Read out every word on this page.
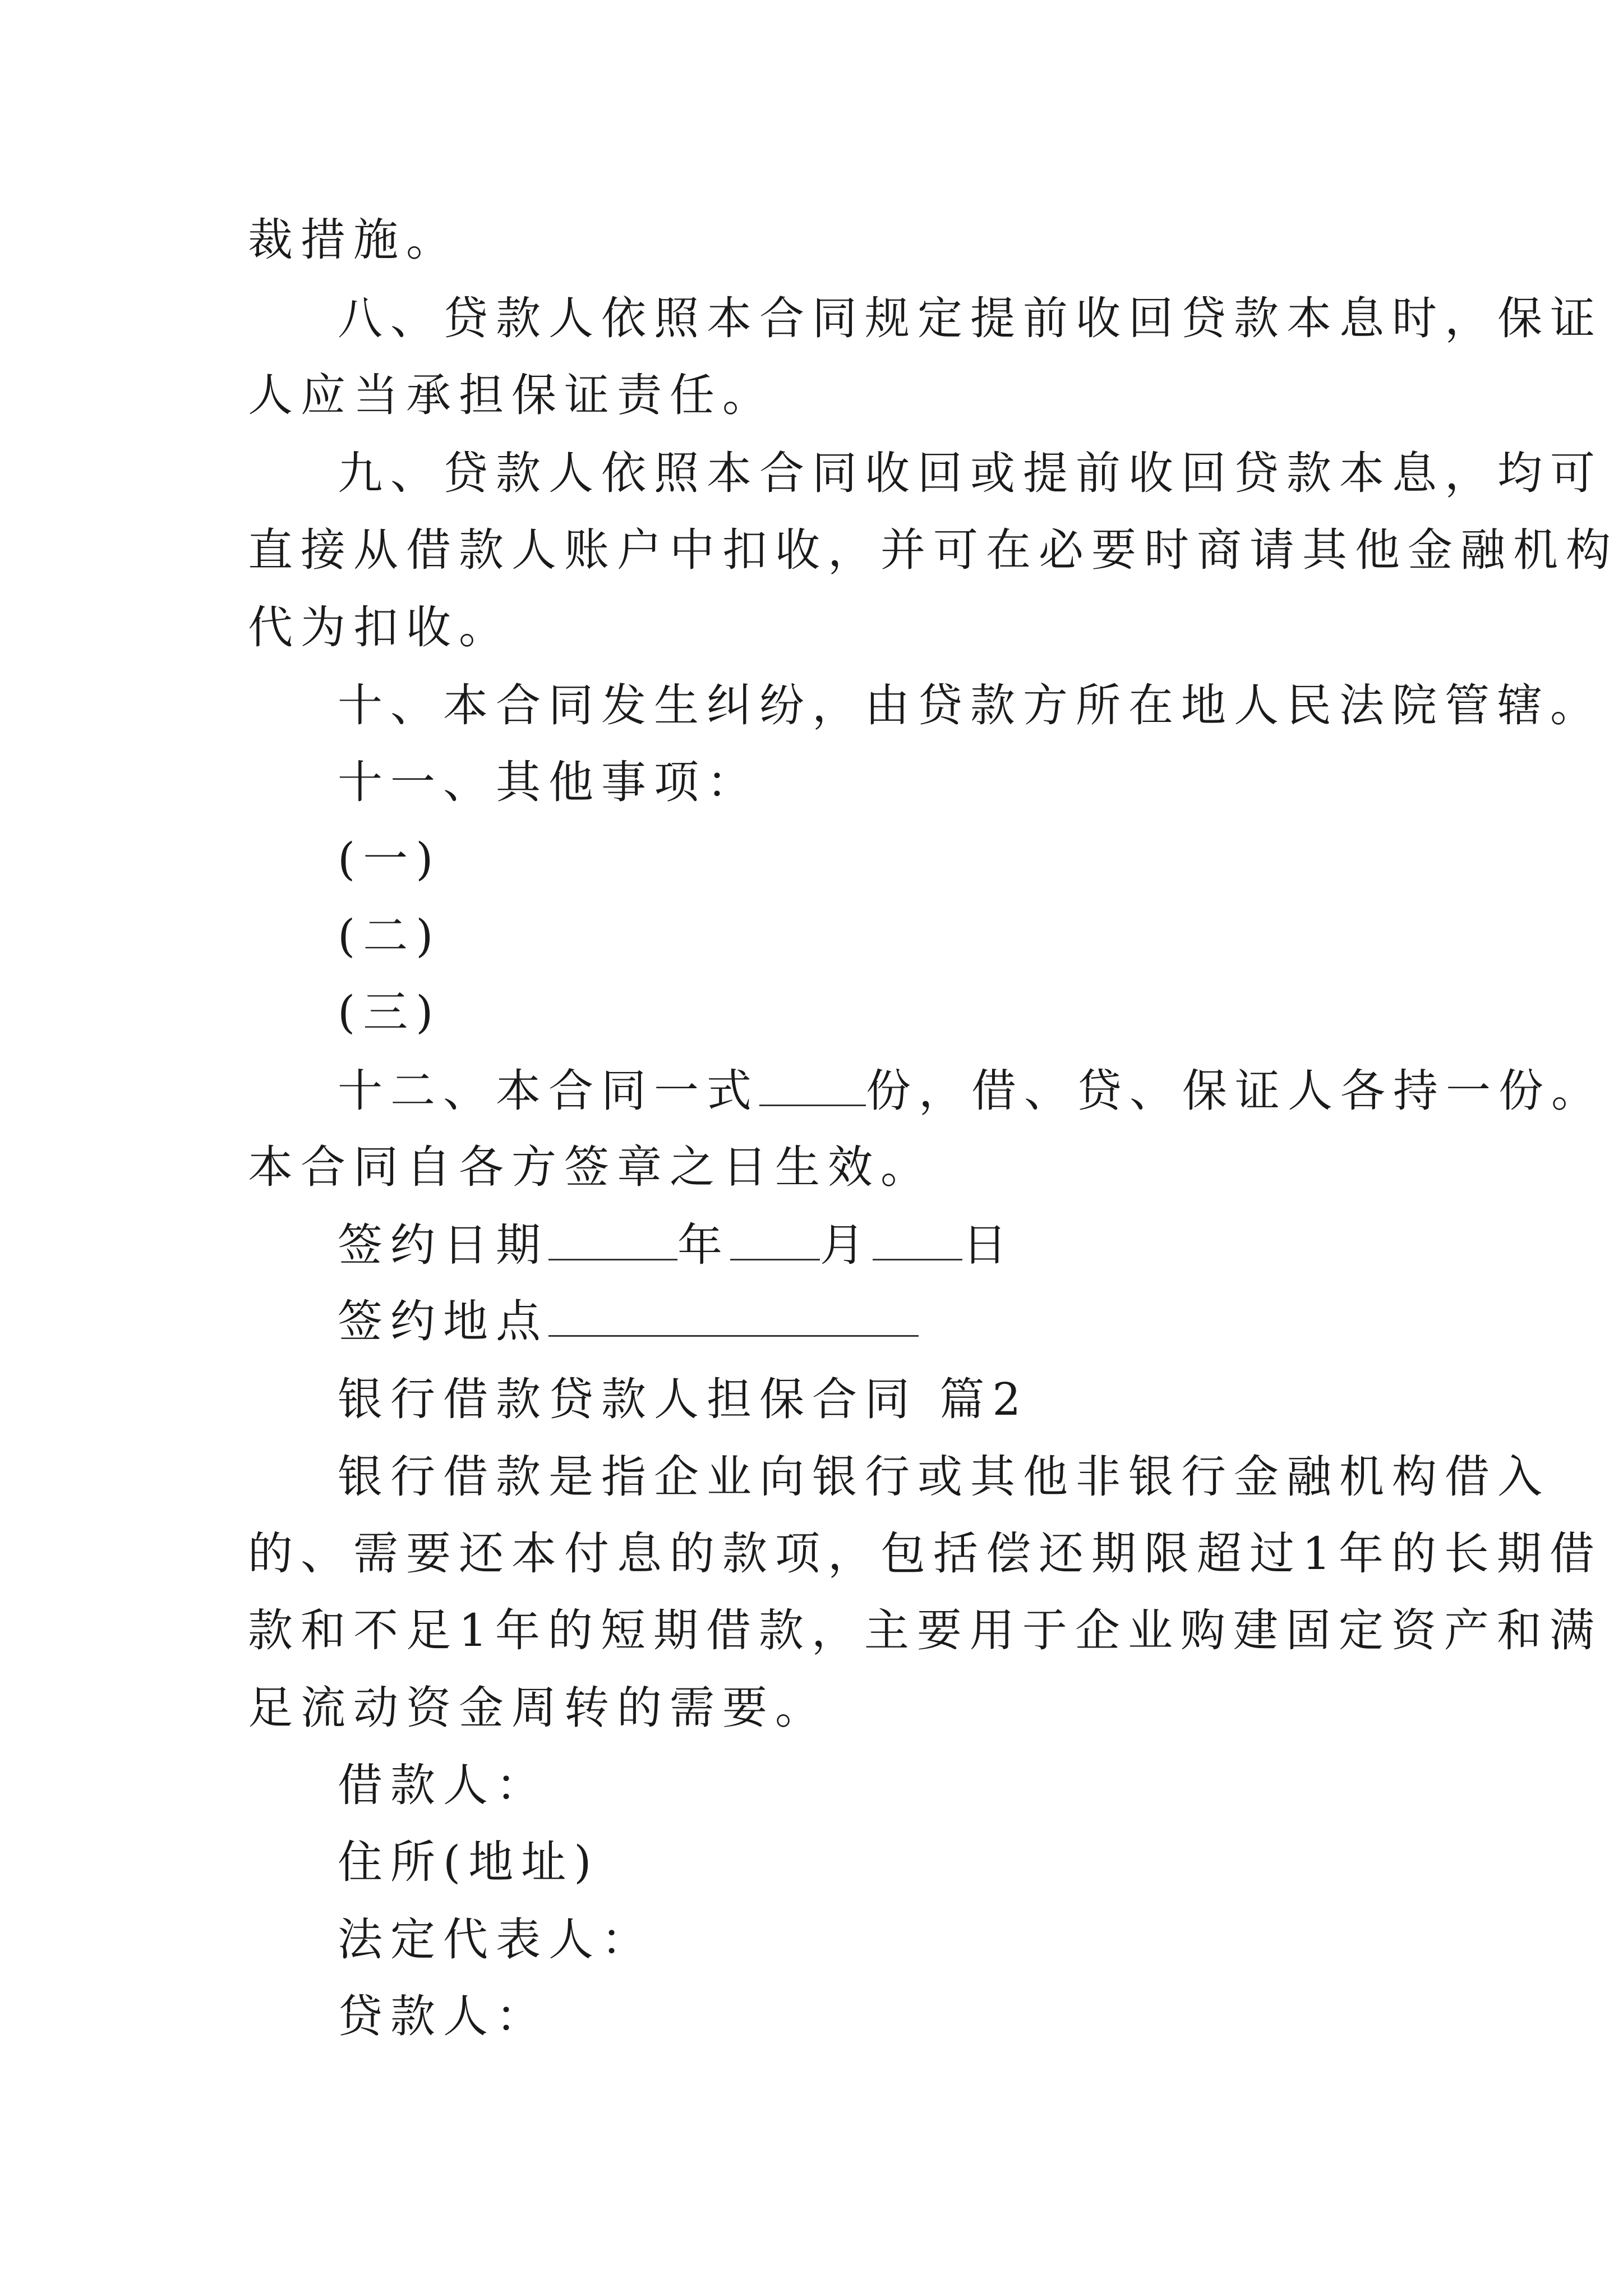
裁措施。
八、贷款人依照本合同规定提前收回贷款本息时，保证
人应当承担保证责任。
九、贷款人依照本合同收回或提前收回贷款本息，均可
直接从借款人账户中扣收，并可在必要时商请其他金融机构
代为扣收。
十、本合同发生纠纷，由贷款方所在地人民法院管辖。
十一、其他事项：
(一)
(二)
(三)
十二、本合同一式 份，借、贷、保证人各持一份。
本合同自各方签章之日生效。
签约日期	年 月 日
签约地点
银行借款贷款人担保合同 篇2
银行借款是指企业向银行或其他非银行金融机构借入
的、需要还本付息的款项，包括偿还期限超过1年的长期借
款和不足1年的短期借款，主要用于企业购建固定资产和满
足流动资金周转的需要。
借款人：
住所(地址)
法定代表人：
贷款人：
